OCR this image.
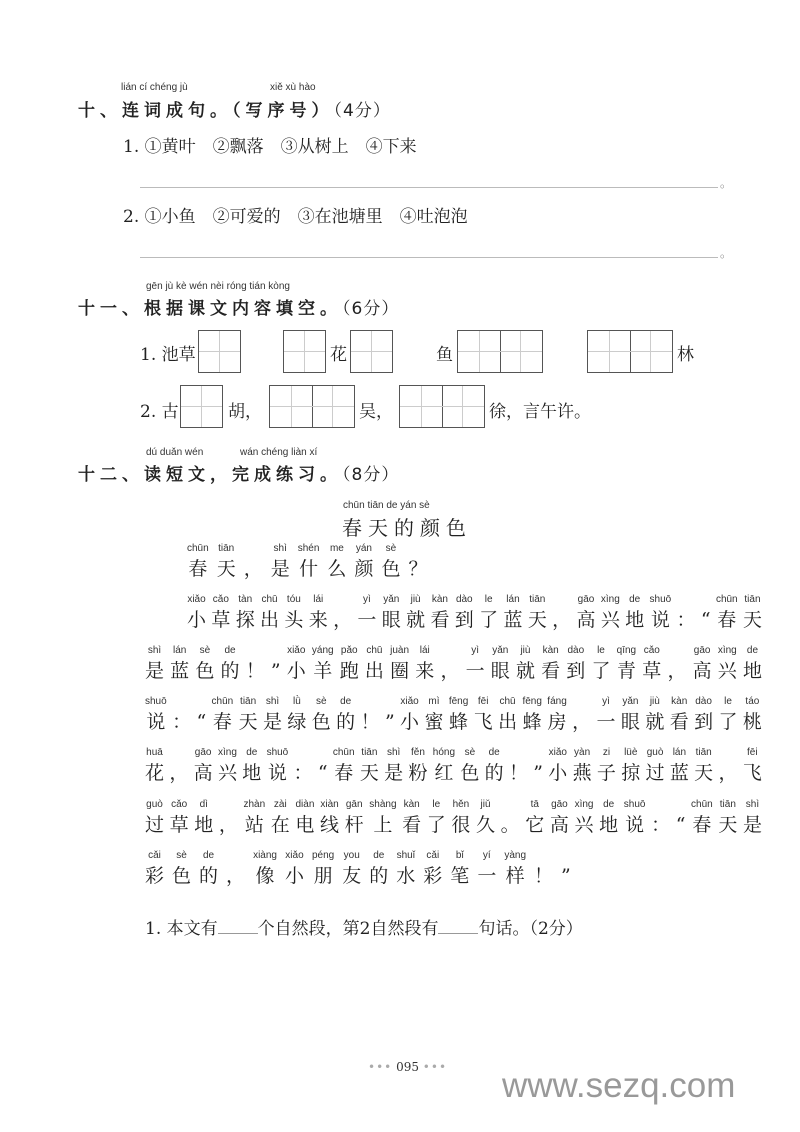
lián cí chéng jù	xiě xù hào
十、连词成句。（写序号）（4分）
1. ①黄叶　②飘落　③从树上　④下来
。
2. ①小鱼　②可爱的　③在池塘里　④吐泡泡
。
gēn jù kè wén nèi róng tián kòng
十一、根据课文内容填空。（6分）
1. 池草	花	鱼	林
2. 古	胡，	吴，	徐，言午许。
dú duǎn wén	wán chéng liàn xí
十二、读短文，完成练习。（8分）
chūn tiān de yán sè
春天的颜色
chūn
春
tiān
天 ，
shì
是
shén
什
me
么
yán
颜
sè
色 ？
xiǎo
小
cǎo
草
tàn
探
chū
出
tóu
头
lái
来 ，
yì
一
yǎn
眼
jiù
就
kàn
看
dào
到
le
了
lán
蓝
tiān
天 ，
gāo
高
xìng
兴
de
地
shuō
说 ： “
chūn
春
tiān
天
shì
是
lán
蓝
sè
色
de
的 ！ ”
xiǎo
小
yáng
羊
pǎo
跑
chū
出
juàn
圈
lái
来 ，
yì
一
yǎn
眼
jiù
就
kàn
看
dào
到
le
了
qīng
青
cǎo
草 ，
gāo
高
xìng
兴
de
地
shuō
说 ： “
chūn
春
tiān
天
shì
是
lǜ
绿
sè
色
de
的 ！ ”
xiǎo
小
mì
蜜
fēng
蜂
fēi
飞
chū
出
fēng
蜂
fáng
房 ，
yì
一
yǎn
眼
jiù
就
kàn
看
dào
到
le
了
táo
桃
huā
花 ，
gāo
高
xìng
兴
de
地
shuō
说 ： “
chūn
春
tiān
天
shì
是
fěn
粉
hóng
红
sè
色
de
的 ！ ”
xiǎo
小
yàn
燕
zi
子
lüè
掠
guò
过
lán
蓝
tiān
天 ，
fēi
飞
guò
过
cǎo
草
dì
地 ，
zhàn
站
zài
在
diàn
电
xiàn
线
gān
杆
shàng
上
kàn
看
le
了
hěn
很
jiǔ
久 。
tā
它
gāo
高
xìng
兴
de
地
shuō
说 ： “
chūn
春
tiān
天
shì
是
cǎi
彩
sè
色
de
的 ，
xiàng
像
xiǎo
小
péng
朋
you
友
de
的
shuǐ
水
cǎi
彩
bǐ
笔
yí
一
yàng
样 ！ ”
1. 本文有 个自然段，第2自然段有 句话。（2分）
••• 095 ••• www.sezq.com
